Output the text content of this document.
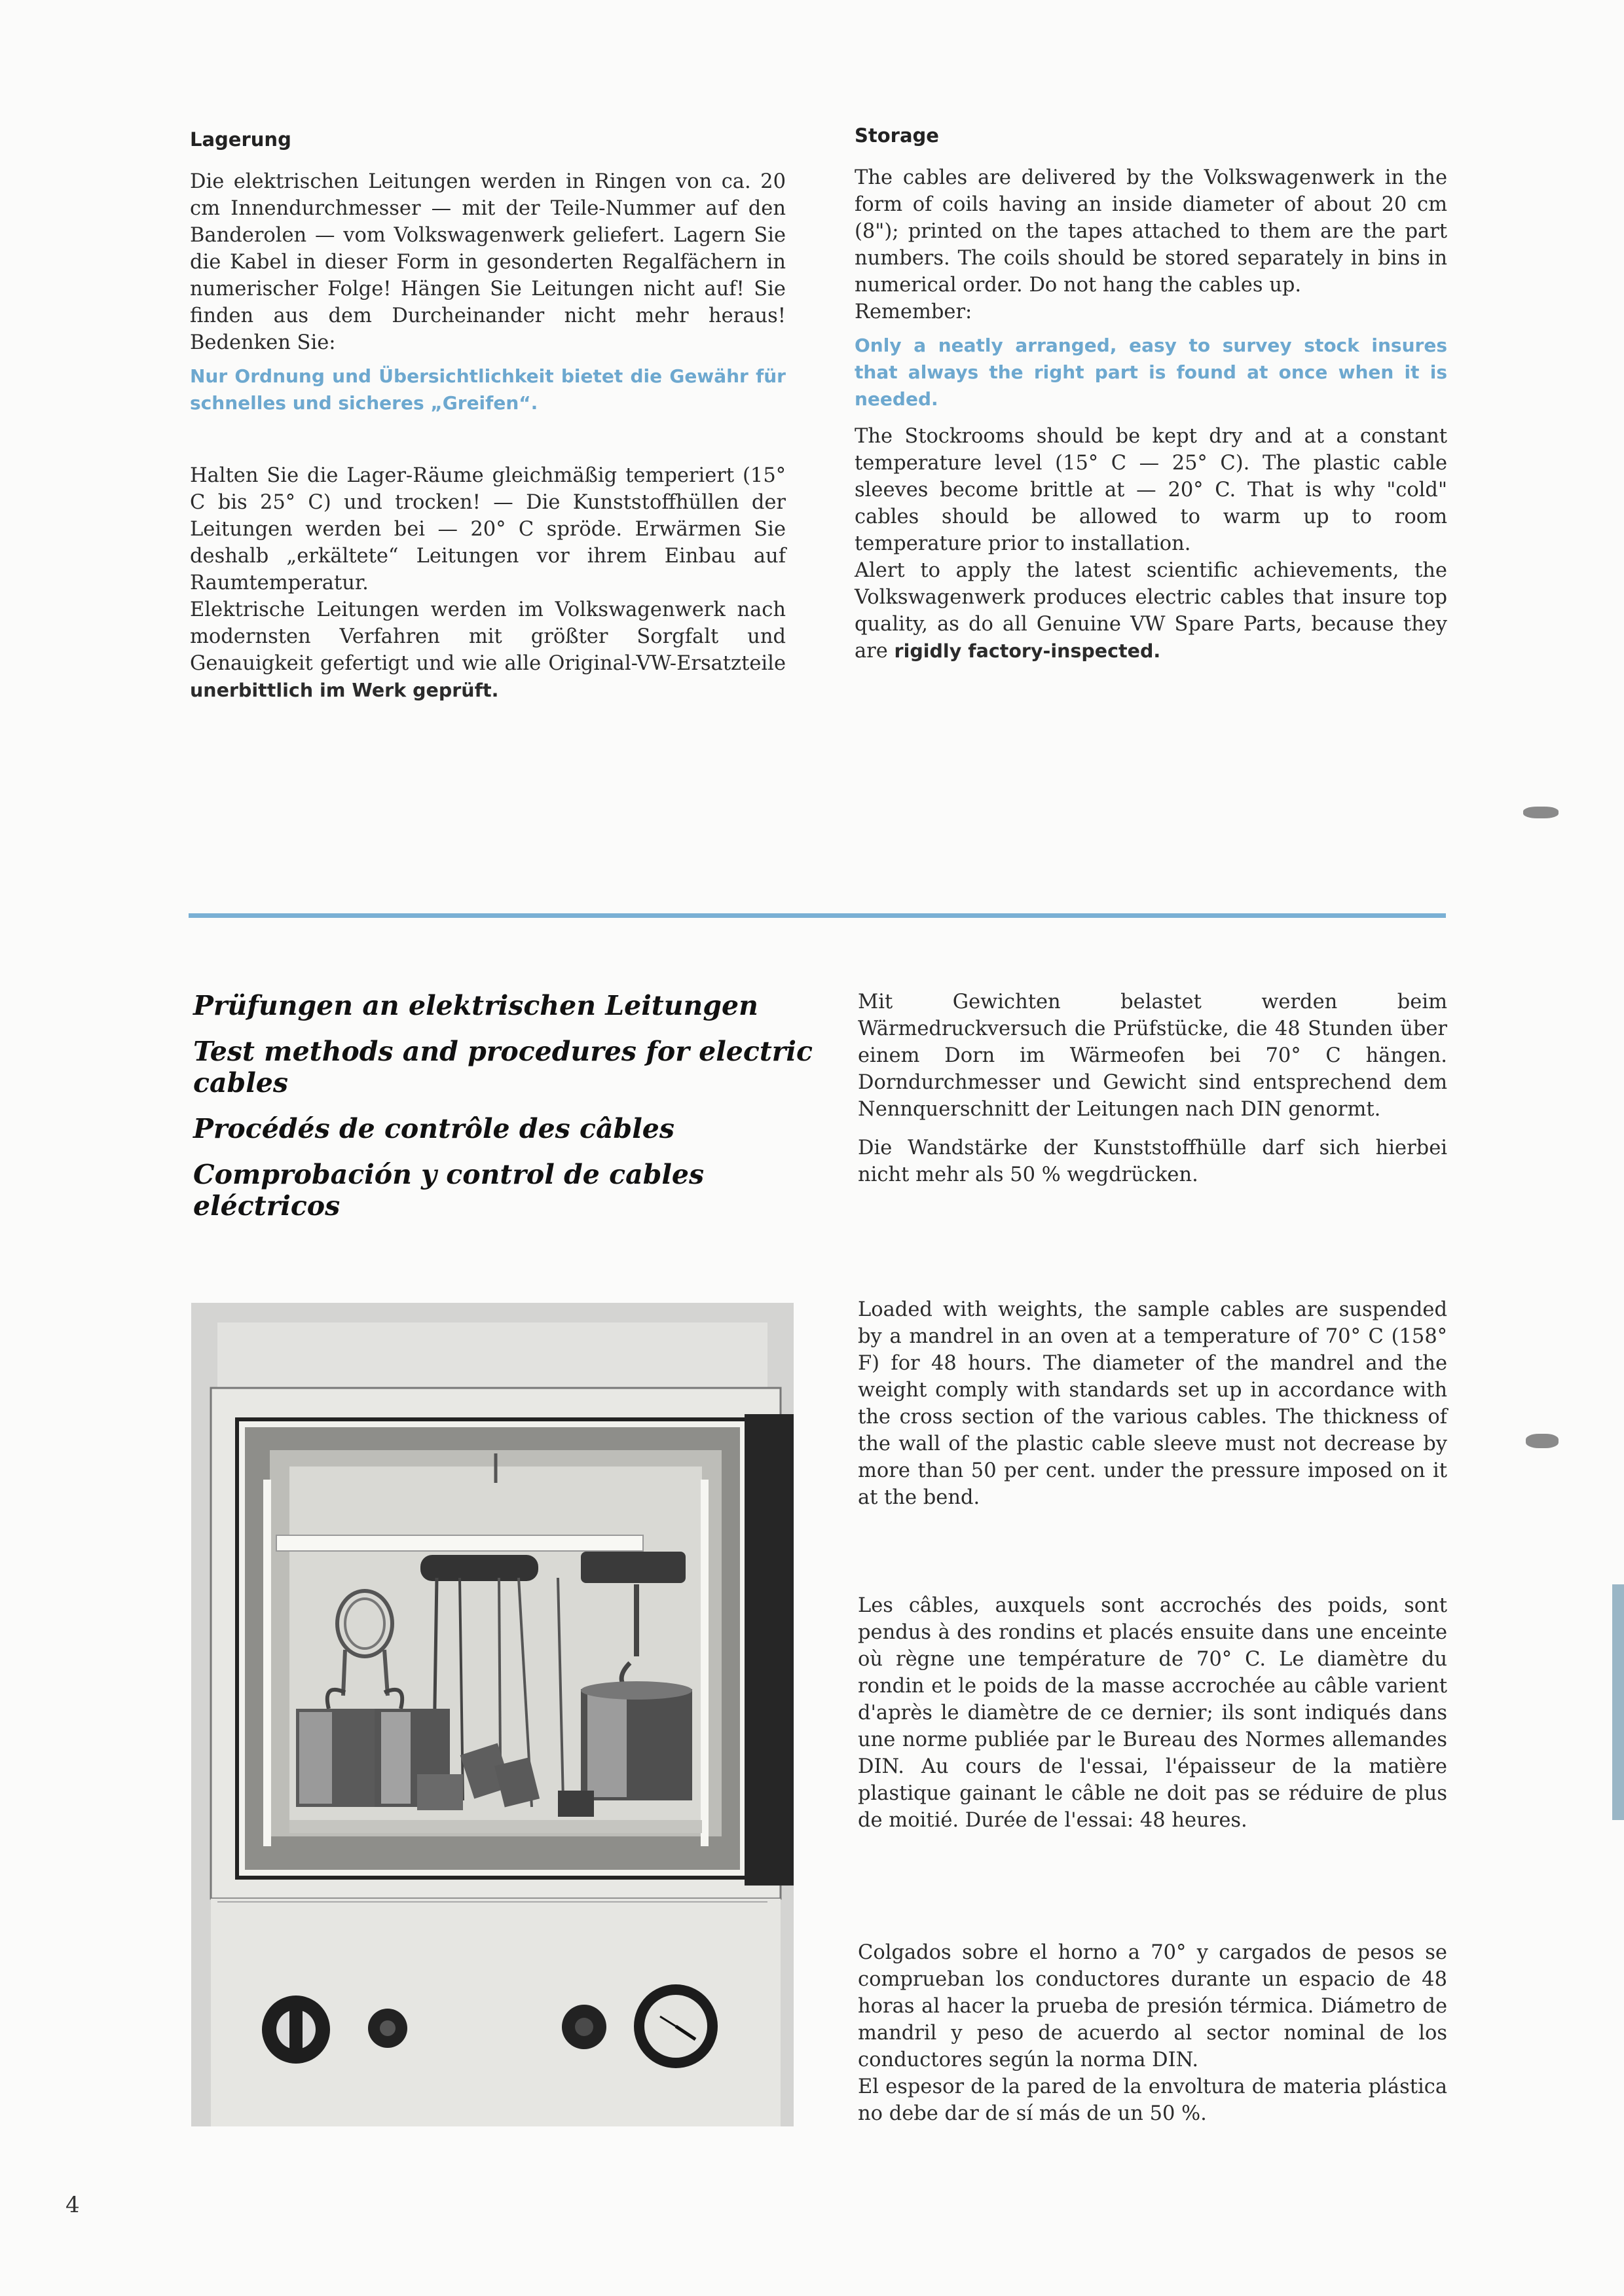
Lagerung

Die elektrischen Leitungen werden in Ringen von ca. 20 cm Innendurchmesser — mit der Teile-Nummer auf den Banderolen — vom Volkswagenwerk geliefert. Lagern Sie die Kabel in dieser Form in gesonderten Regalfächern in numerischer Folge! Hängen Sie Leitungen nicht auf! Sie finden aus dem Durcheinander nicht mehr heraus! Bedenken Sie:

Nur Ordnung und Übersichtlichkeit bietet die Gewähr für schnelles und sicheres „Greifen“.

Halten Sie die Lager-Räume gleichmäßig temperiert (15° C bis 25° C) und trocken! — Die Kunststoffhüllen der Leitungen werden bei — 20° C spröde. Erwärmen Sie deshalb „erkältete“ Leitungen vor ihrem Einbau auf Raumtemperatur.

Elektrische Leitungen werden im Volkswagenwerk nach modernsten Verfahren mit größter Sorgfalt und Genauigkeit gefertigt und wie alle Original-VW-Ersatzteile unerbittlich im Werk geprüft.

Storage

The cables are delivered by the Volkswagenwerk in the form of coils having an inside diameter of about 20 cm (8"); printed on the tapes attached to them are the part numbers. The coils should be stored separately in bins in numerical order. Do not hang the cables up.

Remember:

Only a neatly arranged, easy to survey stock insures that always the right part is found at once when it is needed.

The Stockrooms should be kept dry and at a constant temperature level (15° C — 25° C). The plastic cable sleeves become brittle at — 20° C. That is why "cold" cables should be allowed to warm up to room temperature prior to installation.

Alert to apply the latest scientific achievements, the Volkswagenwerk produces electric cables that insure top quality, as do all Genuine VW Spare Parts, because they are rigidly factory-inspected.

Prüfungen an elektrischen Leitungen

Test methods and procedures for electric cables

Procédés de contrôle des câbles

Comprobación y control de cables eléctricos

Mit Gewichten belastet werden beim Wärmedruckversuch die Prüfstücke, die 48 Stunden über einem Dorn im Wärmeofen bei 70° C hängen. Dorndurchmesser und Gewicht sind entsprechend dem Nennquerschnitt der Leitungen nach DIN genormt.

Die Wandstärke der Kunststoffhülle darf sich hierbei nicht mehr als 50 % wegdrücken.

Loaded with weights, the sample cables are suspended by a mandrel in an oven at a temperature of 70° C (158° F) for 48 hours. The diameter of the mandrel and the weight comply with standards set up in accordance with the cross section of the various cables. The thickness of the wall of the plastic cable sleeve must not decrease by more than 50 per cent. under the pressure imposed on it at the bend.

Les câbles, auxquels sont accrochés des poids, sont pendus à des rondins et placés ensuite dans une enceinte où règne une température de 70° C. Le diamètre du rondin et le poids de la masse accrochée au câble varient d'après le diamètre de ce dernier; ils sont indiqués dans une norme publiée par le Bureau des Normes allemandes DIN. Au cours de l'essai, l'épaisseur de la matière plastique gainant le câble ne doit pas se réduire de plus de moitié. Durée de l'essai: 48 heures.

Colgados sobre el horno a 70° y cargados de pesos se comprueban los conductores durante un espacio de 48 horas al hacer la prueba de presión térmica. Diámetro de mandril y peso de acuerdo al sector nominal de los conductores según la norma DIN.

El espesor de la pared de la envoltura de materia plástica no debe dar de sí más de un 50 %.

4
